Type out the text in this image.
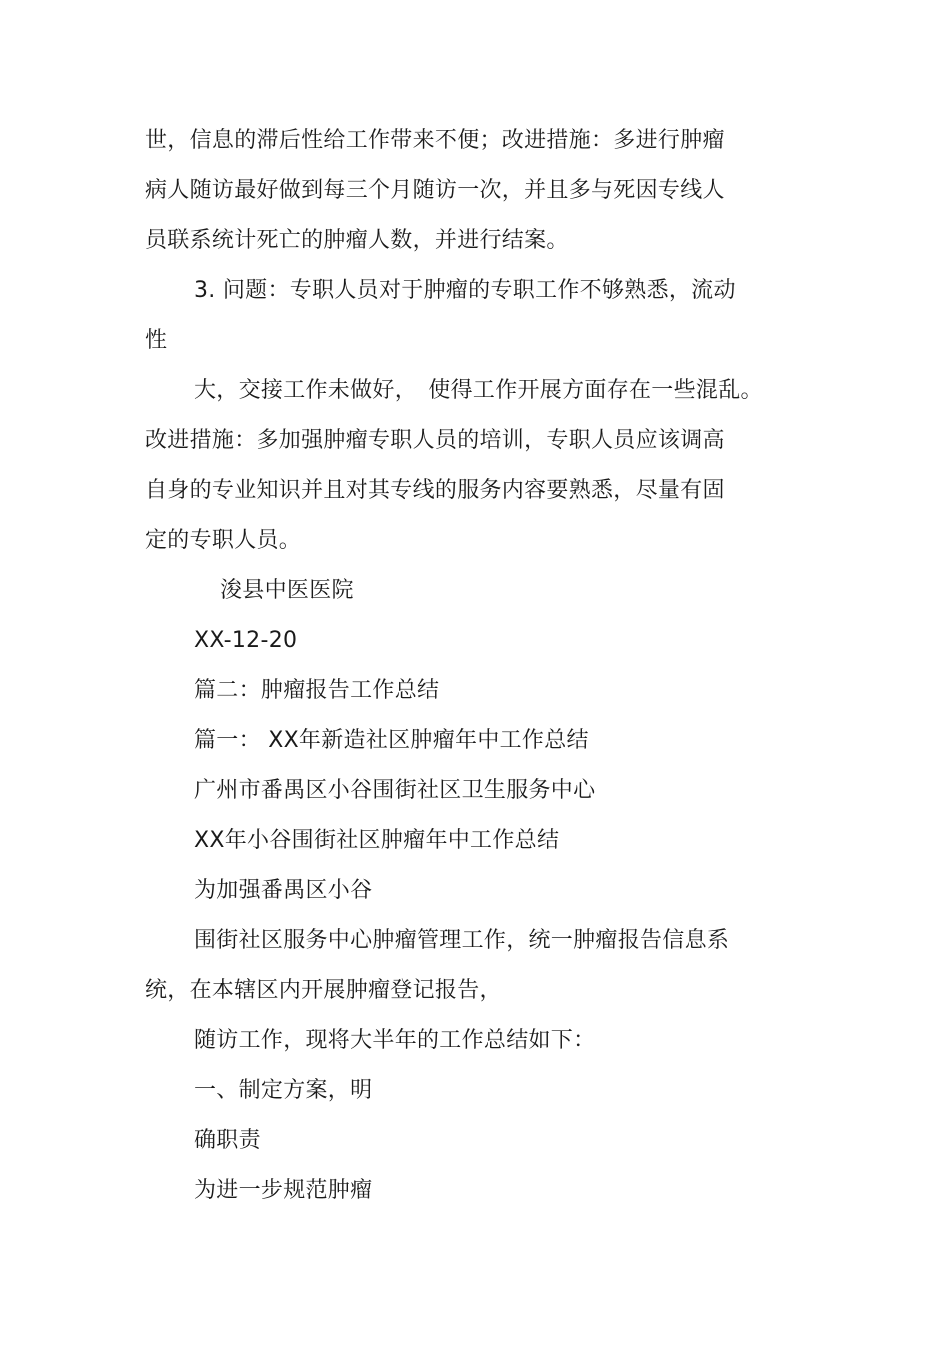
世，信息的滞后性给工作带来不便；改进措施：多进行肿瘤
病人随访最好做到每三个月随访一次，并且多与死因专线人
员联系统计死亡的肿瘤人数，并进行结案。
3. 问题：专职人员对于肿瘤的专职工作不够熟悉，流动
性
大，交接工作未做好，　使得工作开展方面存在一些混乱。
改进措施：多加强肿瘤专职人员的培训，专职人员应该调高
自身的专业知识并且对其专线的服务内容要熟悉，尽量有固
定的专职人员。
浚县中医医院
XX-12-20
篇二：肿瘤报告工作总结
篇一： XX年新造社区肿瘤年中工作总结
广州市番禺区小谷围街社区卫生服务中心
XX年小谷围街社区肿瘤年中工作总结
为加强番禺区小谷
围街社区服务中心肿瘤管理工作，统一肿瘤报告信息系
统，在本辖区内开展肿瘤登记报告，
随访工作，现将大半年的工作总结如下：
一、制定方案，明
确职责
为进一步规范肿瘤
